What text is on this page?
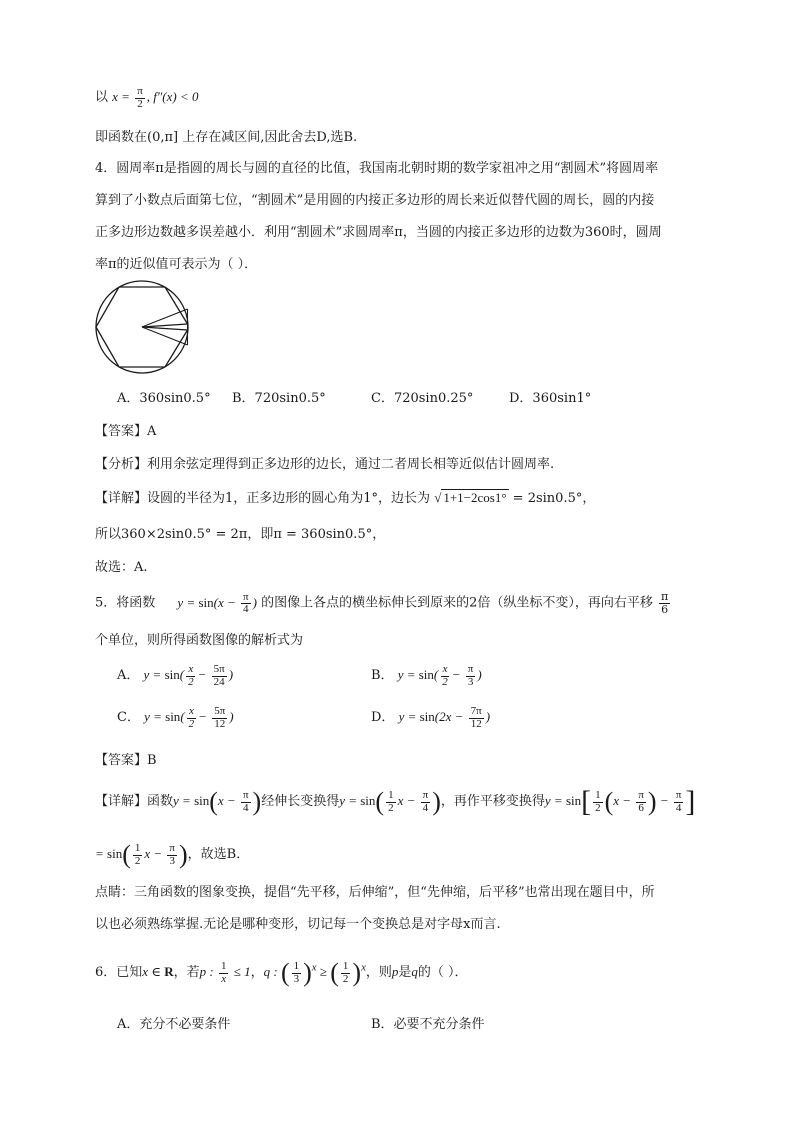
以 $x = \frac{\pi}{2}$ , f″(x) < 0
即函数在(0,π] 上存在减区间,因此舍去D,选B.
4．圆周率π是指圆的周长与圆的直径的比值，我国南北朝时期的数学家祖冲之用“割圆术”将圆周率
算到了小数点后面第七位，“割圆术”是用圆的内接正多边形的周长来近似替代圆的周长，圆的内接
正多边形边数越多误差越小．利用“割圆术”求圆周率π，当圆的内接正多边形的边数为360时，圆周
率π的近似值可表示为（ ）．
A．360sin0.5° B．720sin0.5°	C．720sin0.25°	D．360sin1°
【答案】A
【分析】利用余弦定理得到正多边形的边长，通过二者周长相等近似估计圆周率.
【详解】设圆的半径为1，正多边形的圆心角为1°，边长为 √ 1+1−2cos1° = 2sin0.5°，
所以360×2sin0.5° = 2π，即π = 360sin0.5°，
故选：A.
5．将函数 $y = \sin(x - \frac{\pi}{4}$ ) 的图像上各点的横坐标伸长到原来的2倍（纵坐标不变），再向右平移 $\frac{\pi}{6}$
个单位，则所得函数图像的解析式为
A． $y = \sin( \frac{x}{2} - \frac{5\pi}{24}$ )	B． $y = \sin( \frac{x}{2} - \frac{\pi}{3}$ )
C． $y = \sin( \frac{x}{2} - \frac{5\pi}{12}$ )	D． $y = \sin(2x - \frac{7\pi}{12}$ )
【答案】B
【详解】函数$y = \sin(x - \frac{\pi}{4}$ )经伸长变换得$y = \sin( \frac{1}{2}$ $x - \frac{\pi}{4}$ )，再作平移变换得$y = \sin[ \frac{1}{2} (x - \frac{\pi}{6}$ ) − $\frac{\pi}{4}$ ]
= $\sin( \frac{1}{2}$ $x - \frac{\pi}{3}$ )，故选B．
点睛：三角函数的图象变换，提倡“先平移，后伸缩”，但“先伸缩，后平移”也常出现在题目中，所
以也必须熟练掌握.无论是哪种变形，切记每一个变换总是对字母x而言.
6．已知x ∈ R，若p : $\frac{1}{x} \le 1$，q : ( $\frac{1}{3} )^x$ ≥ ( $\frac{1}{2} )^x$，则p是q的（ ）．
A．充分不必要条件	B．必要不充分条件
